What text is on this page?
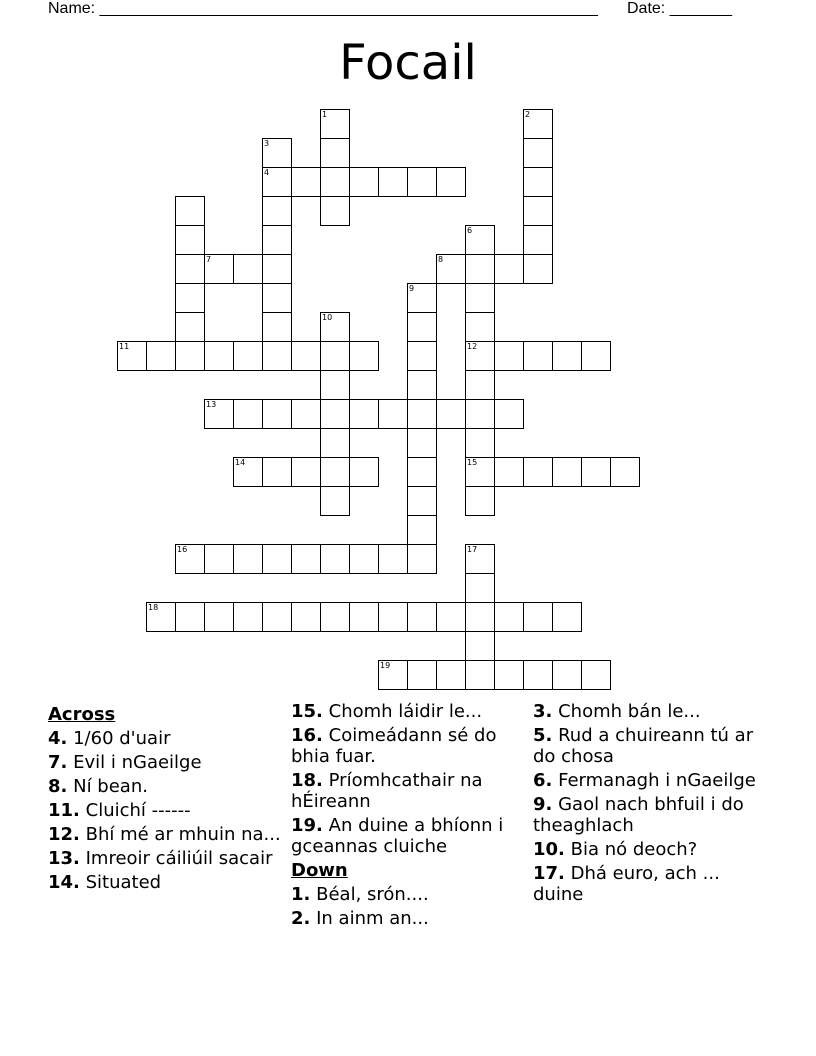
Name: ________________________________________________________ Date: _______
Focail
1	2
3
4
6
7	8
9
10
11	12
13
14	15
16	17
18
19
Across
4. 1/60 d'uair
7. Evil i nGaeilge
8. Ní bean.
11. Cluichí ------
12. Bhí mé ar mhuin na...
13. Imreoir cáiliúil sacair
14. Situated
15. Chomh láidir le...
16. Coimeádann sé do bhia fuar.
18. Príomhcathair na hÉireann
19. An duine a bhíonn i gceannas cluiche
Down
1. Béal, srón....
2. In ainm an...
3. Chomh bán le...
5. Rud a chuireann tú ar do chosa
6. Fermanagh i nGaeilge
9. Gaol nach bhfuil i do theaghlach
10. Bia nó deoch?
17. Dhá euro, ach ... duine
